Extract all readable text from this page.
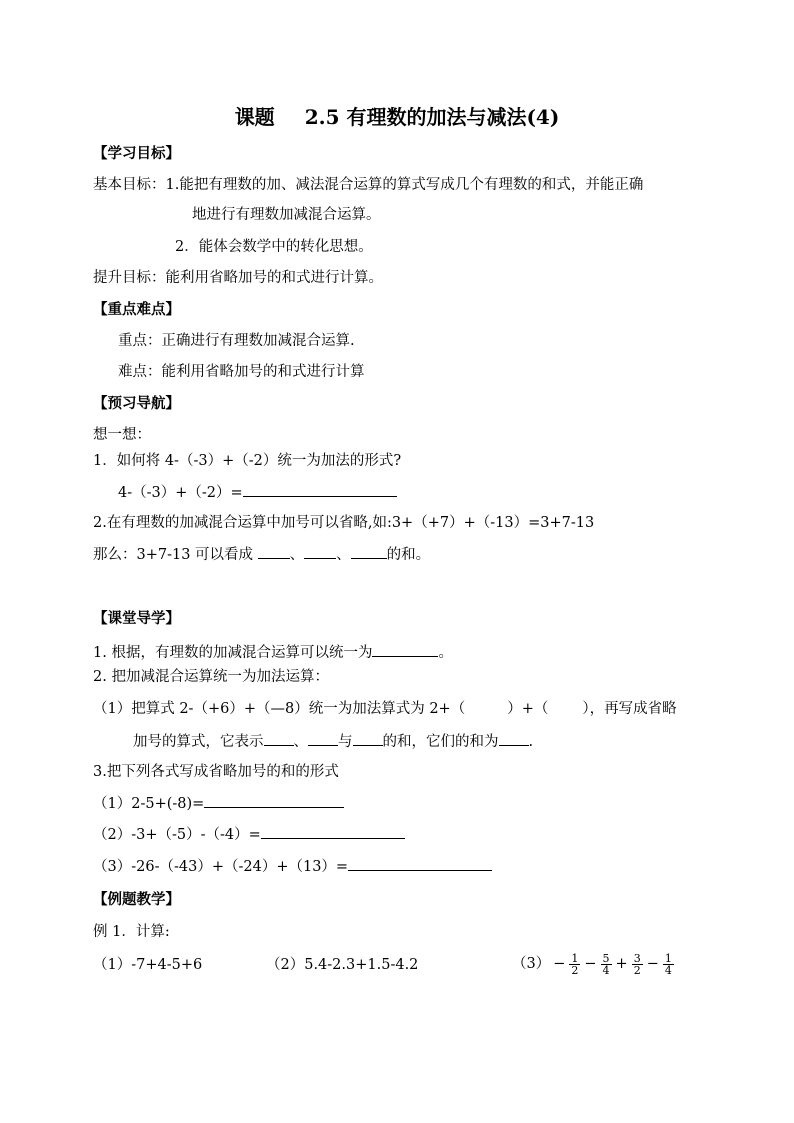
课题 2.5 有理数的加法与减法(4)
【学习目标】
基本目标：1.能把有理数的加、减法混合运算的算式写成几个有理数的和式，并能正确
地进行有理数加减混合运算。
2．能体会数学中的转化思想。
提升目标：能利用省略加号的和式进行计算。
【重点难点】
重点：正确进行有理数加减混合运算.
难点：能利用省略加号的和式进行计算
【预习导航】
想一想：
1．如何将 4-（-3）+（-2）统一为加法的形式?
4-（-3）+（-2）=
2.在有理数的加减混合运算中加号可以省略,如:3+（+7）+（-13）=3+7-13
那么：3+7-13 可以看成 、 、 的和。
【课堂导学】
1. 根据，有理数的加减混合运算可以统一为	。
2. 把加减混合运算统一为加法运算：
（1）把算式 2-（+6）+（—8）统一为加法算式为 2+（	）+（ ），再写成省略
加号的算式，它表示 、 与 的和，它们的和为 .
3.把下列各式写成省略加号的和的形式
（1）2-5+(-8)=
（2）-3+（-5）-（-4）=
（3）-26-（-43）+（-24）+（13）=
【例题教学】
例 1．计算:
（1）-7+4-5+6	（2）5.4-2.3+1.5-4.2	$(3) - \frac{1}{2} - \frac{5}{4} + \frac{3}{2} - \frac{1}{4}$
